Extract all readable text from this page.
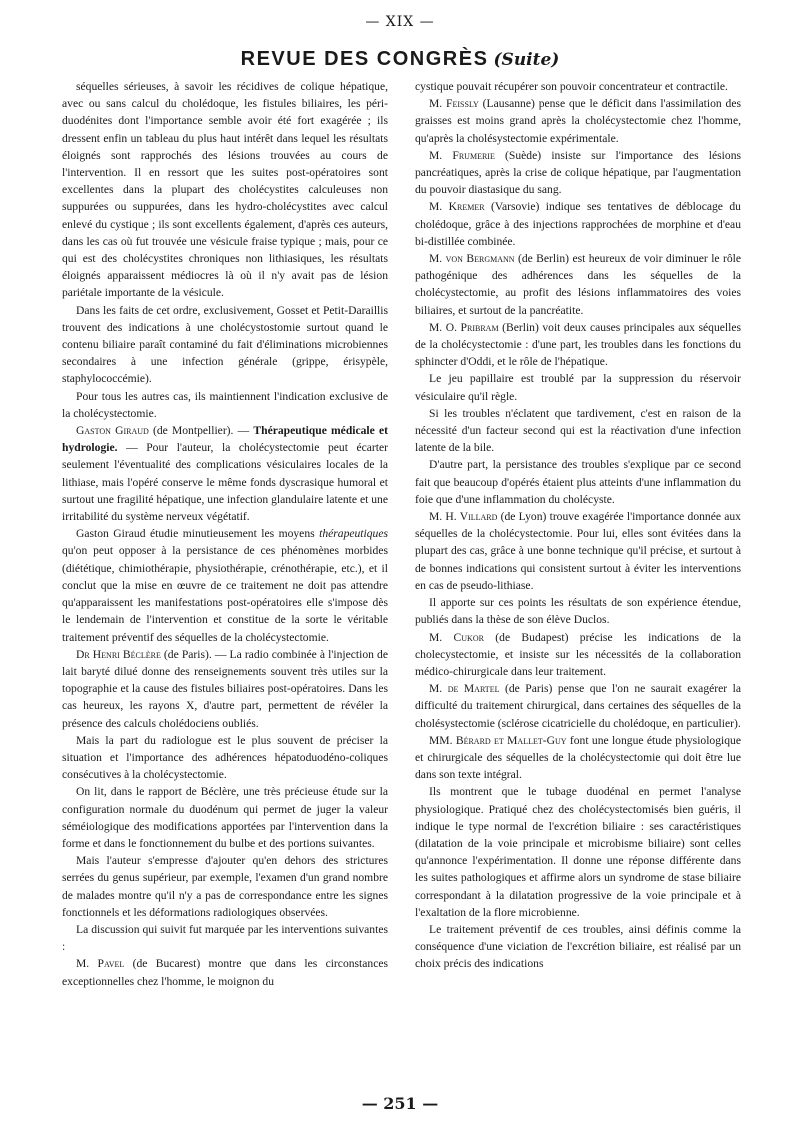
— XIX —
REVUE DES CONGRÈS (Suite)

séquelles sérieuses, à savoir les récidives de colique hépatique, avec ou sans calcul du cholédoque, les fistules biliaires, les péri-duodénites dont l'importance semble avoir été fort exagérée ; ils dressent enfin un tableau du plus haut intérêt dans lequel les résultats éloignés sont rapprochés des lésions trouvées au cours de l'intervention. Il en ressort que les suites post-opératoires sont excellentes dans la plupart des cholécystites calculeuses non suppurées ou suppurées, dans les hydro-cholécystites avec calcul enlevé du cystique ; ils sont excellents également, d'après ces auteurs, dans les cas où fut trouvée une vésicule fraise typique ; mais, pour ce qui est des cholécystites chroniques non lithiasiques, les résultats éloignés apparaissent médiocres là où il n'y avait pas de lésion pariétale importante de la vésicule.

Dans les faits de cet ordre, exclusivement, Gosset et Petit-Daraillis trouvent des indications à une cholécystostomie surtout quand le contenu biliaire paraît contaminé du fait d'éliminations microbiennes secondaires à une infection générale (grippe, érisypèle, staphylococcémie).

Pour tous les autres cas, ils maintiennent l'indication exclusive de la cholécystectomie.

Gaston Giraud (de Montpellier). — Thérapeutique médicale et hydrologie. — Pour l'auteur, la cholécystectomie peut écarter seulement l'éventualité des complications vésiculaires locales de la lithiase, mais l'opéré conserve le même fonds dyscrasique humoral et surtout une fragilité hépatique, une infection glandulaire latente et une irritabilité du système nerveux végétatif.

Gaston Giraud étudie minutieusement les moyens thérapeutiques qu'on peut opposer à la persistance de ces phénomènes morbides (diététique, chimiothérapie, physiothérapie, crénothérapie, etc.), et il conclut que la mise en œuvre de ce traitement ne doit pas attendre qu'apparaissent les manifestations post-opératoires elle s'impose dès le lendemain de l'intervention et constitue de la sorte le véritable traitement préventif des séquelles de la cholécystectomie.

Dr Henri Béclère (de Paris). — La radio combinée à l'injection de lait baryté dilué donne des renseignements souvent très utiles sur la topographie et la cause des fistules biliaires post-opératoires. Dans les cas heureux, les rayons X, d'autre part, permettent de révéler la présence des calculs cholédociens oubliés.

Mais la part du radiologue est le plus souvent de préciser la situation et l'importance des adhérences hépatoduodéno-coliques consécutives à la cholécystectomie.

On lit, dans le rapport de Béclère, une très précieuse étude sur la configuration normale du duodénum qui permet de juger la valeur séméiologique des modifications apportées par l'intervention dans la forme et dans le fonctionnement du bulbe et des portions suivantes.

Mais l'auteur s'empresse d'ajouter qu'en dehors des strictures serrées du genus supérieur, par exemple, l'examen d'un grand nombre de malades montre qu'il n'y a pas de correspondance entre les signes fonctionnels et les déformations radiologiques observées.

La discussion qui suivit fut marquée par les interventions suivantes :

M. Pavel (de Bucarest) montre que dans les circonstances exceptionnelles chez l'homme, le moignon du

cystique pouvait récupérer son pouvoir concentrateur et contractile.

M. Feissly (Lausanne) pense que le déficit dans l'assimilation des graisses est moins grand après la cholécystectomie chez l'homme, qu'après la cholésystectomie expérimentale.

M. Frumerie (Suède) insiste sur l'importance des lésions pancréatiques, après la crise de colique hépatique, par l'augmentation du pouvoir diastasique du sang.

M. Kremer (Varsovie) indique ses tentatives de déblocage du cholédoque, grâce à des injections rapprochées de morphine et d'eau bi-distillée combinée.

M. von Bergmann (de Berlin) est heureux de voir diminuer le rôle pathogénique des adhérences dans les séquelles de la cholécystectomie, au profit des lésions inflammatoires des voies biliaires, et surtout de la pancréatite.

M. O. Pribram (Berlin) voit deux causes principales aux séquelles de la cholécystectomie : d'une part, les troubles dans les fonctions du sphincter d'Oddi, et le rôle de l'hépatique.

Le jeu papillaire est troublé par la suppression du réservoir vésiculaire qu'il règle.

Si les troubles n'éclatent que tardivement, c'est en raison de la nécessité d'un facteur second qui est la réactivation d'une infection latente de la bile.

D'autre part, la persistance des troubles s'explique par ce second fait que beaucoup d'opérés étaient plus atteints d'une inflammation du foie que d'une inflammation du cholécyste.

M. H. Villard (de Lyon) trouve exagérée l'importance donnée aux séquelles de la cholécystectomie. Pour lui, elles sont évitées dans la plupart des cas, grâce à une bonne technique qu'il précise, et surtout à de bonnes indications qui consistent surtout à éviter les interventions en cas de pseudo-lithiase.

Il apporte sur ces points les résultats de son expérience étendue, publiés dans la thèse de son élève Duclos.

M. Cukor (de Budapest) précise les indications de la cholecystectomie, et insiste sur les nécessités de la collaboration médico-chirurgicale dans leur traitement.

M. de Martel (de Paris) pense que l'on ne saurait exagérer la difficulté du traitement chirurgical, dans certaines des séquelles de la cholésystectomie (sclérose cicatricielle du cholédoque, en particulier).

MM. Bérard et Mallet-Guy font une longue étude physiologique et chirurgicale des séquelles de la cholécystectomie qui doit être lue dans son texte intégral.

Ils montrent que le tubage duodénal en permet l'analyse physiologique. Pratiqué chez des cholécystectomisés bien guéris, il indique le type normal de l'excrétion biliaire : ses caractéristiques (dilatation de la voie principale et microbisme biliaire) sont celles qu'annonce l'expérimentation. Il donne une réponse différente dans les suites pathologiques et affirme alors un syndrome de stase biliaire correspondant à la dilatation progressive de la voie principale et à l'exaltation de la flore microbienne.

Le traitement préventif de ces troubles, ainsi définis comme la conséquence d'une viciation de l'excrétion biliaire, est réalisé par un choix précis des indications

— 251 —
